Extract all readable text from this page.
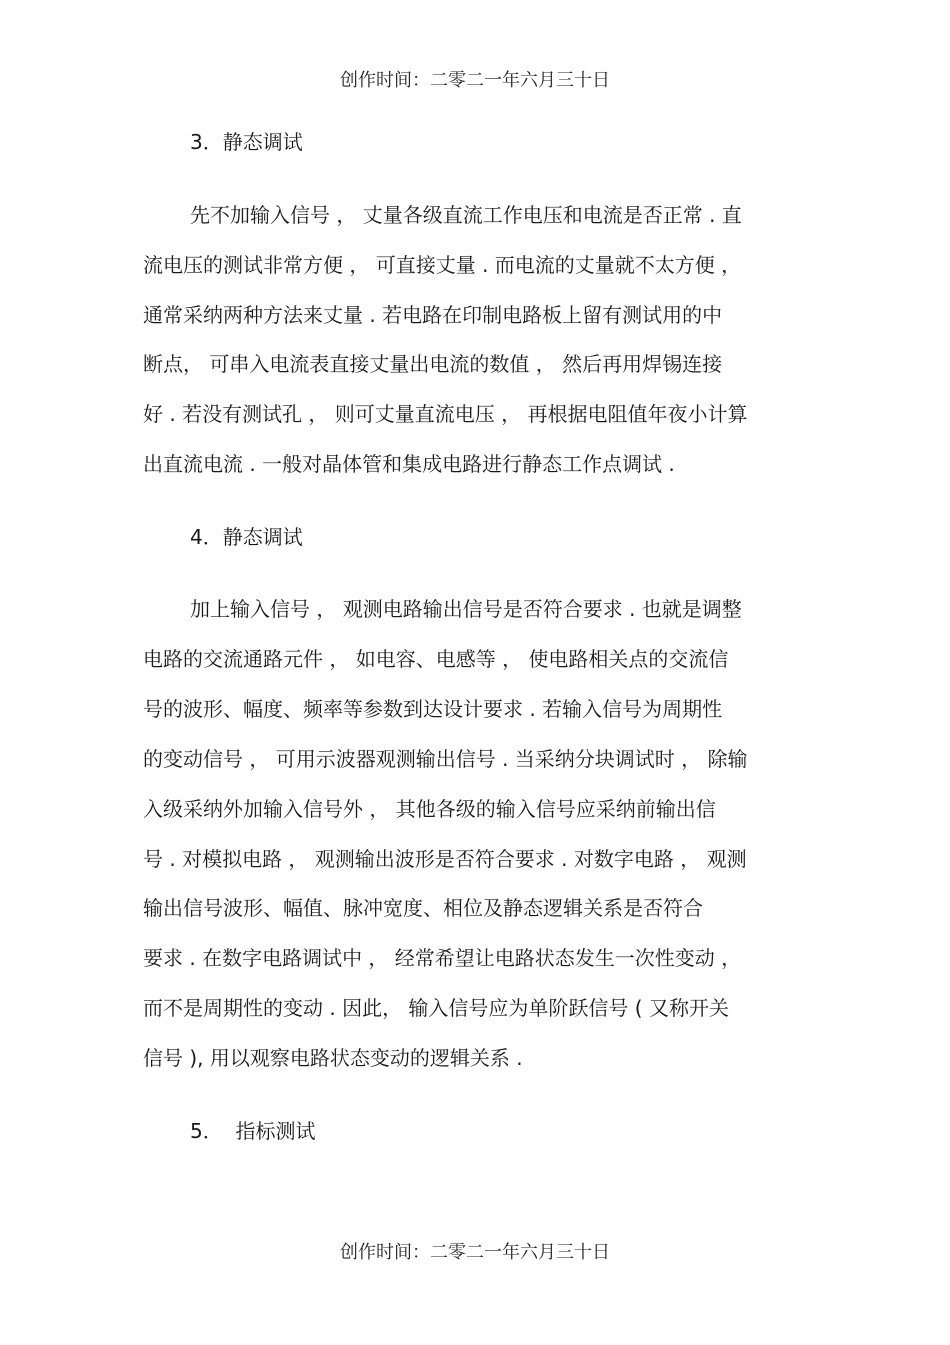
创作时间：二零二一年六月三十日
3．静态调试
先不加输入信号 ， 丈量各级直流工作电压和电流是否正常 . 直
流电压的测试非常方便 ， 可直接丈量 . 而电流的丈量就不太方便 ，
通常采纳两种方法来丈量 . 若电路在印制电路板上留有测试用的中
断点， 可串入电流表直接丈量出电流的数值 ， 然后再用焊锡连接
好 . 若没有测试孔 ， 则可丈量直流电压 ， 再根据电阻值年夜小计算
出直流电流 . 一般对晶体管和集成电路进行静态工作点调试 .
4．静态调试
加上输入信号 ， 观测电路输出信号是否符合要求 . 也就是调整
电路的交流通路元件 ， 如电容、电感等 ， 使电路相关点的交流信
号的波形、幅度、频率等参数到达设计要求 . 若输入信号为周期性
的变动信号 ， 可用示波器观测输出信号 . 当采纳分块调试时 ， 除输
入级采纳外加输入信号外 ， 其他各级的输入信号应采纳前输出信
号 . 对模拟电路 ， 观测输出波形是否符合要求 . 对数字电路 ， 观测
输出信号波形、幅值、脉冲宽度、相位及静态逻辑关系是否符合
要求 . 在数字电路调试中 ， 经常希望让电路状态发生一次性变动 ，
而不是周期性的变动 . 因此， 输入信号应为单阶跃信号 ( 又称开关
信号 ), 用以观察电路状态变动的逻辑关系 .
5．  指标测试
创作时间：二零二一年六月三十日
